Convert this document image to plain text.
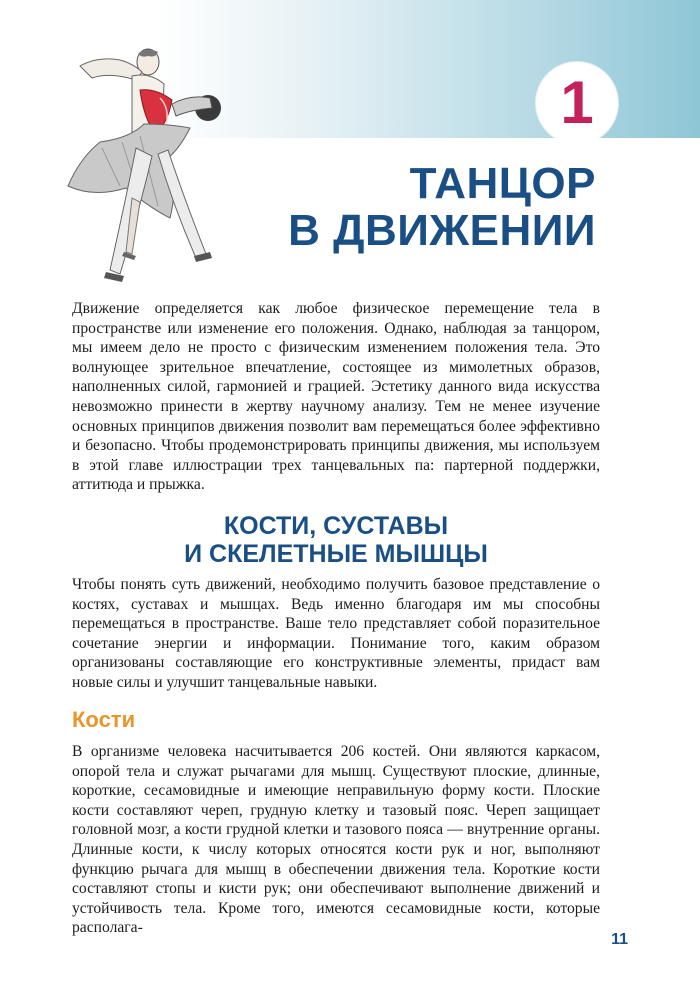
1
ТАНЦОР
В ДВИЖЕНИИ

Движение определяется как любое физическое перемещение тела в пространстве или изменение его положения. Однако, наблюдая за танцором, мы имеем дело не просто с физическим изменением положения тела. Это волнующее зрительное впечатление, состоящее из мимолетных образов, наполненных силой, гармонией и грацией. Эстетику данного вида искусства невозможно принести в жертву научному анализу. Тем не менее изучение основных принципов движения позволит вам перемещаться более эффективно и безопасно. Чтобы продемонстрировать принципы движения, мы используем в этой главе иллюстрации трех танцевальных па: партерной поддержки, аттитюда и прыжка.

КОСТИ, СУСТАВЫ
И СКЕЛЕТНЫЕ МЫШЦЫ

Чтобы понять суть движений, необходимо получить базовое представление о костях, суставах и мышцах. Ведь именно благодаря им мы способны перемещаться в пространстве. Ваше тело представляет собой поразительное сочетание энергии и информации. Понимание того, каким образом организованы составляющие его конструктивные элементы, придаст вам новые силы и улучшит танцевальные навыки.

Кости

В организме человека насчитывается 206 костей. Они являются каркасом, опорой тела и служат рычагами для мышц. Существуют плоские, длинные, короткие, сесамовидные и имеющие неправильную форму кости. Плоские кости составляют череп, грудную клетку и тазовый пояс. Череп защищает головной мозг, а кости грудной клетки и тазового пояса — внутренние органы. Длинные кости, к числу которых относятся кости рук и ног, выполняют функцию рычага для мышц в обеспечении движения тела. Короткие кости составляют стопы и кисти рук; они обеспечивают выполнение движений и устойчивость тела. Кроме того, имеются сесамовидные кости, которые располага-

11
